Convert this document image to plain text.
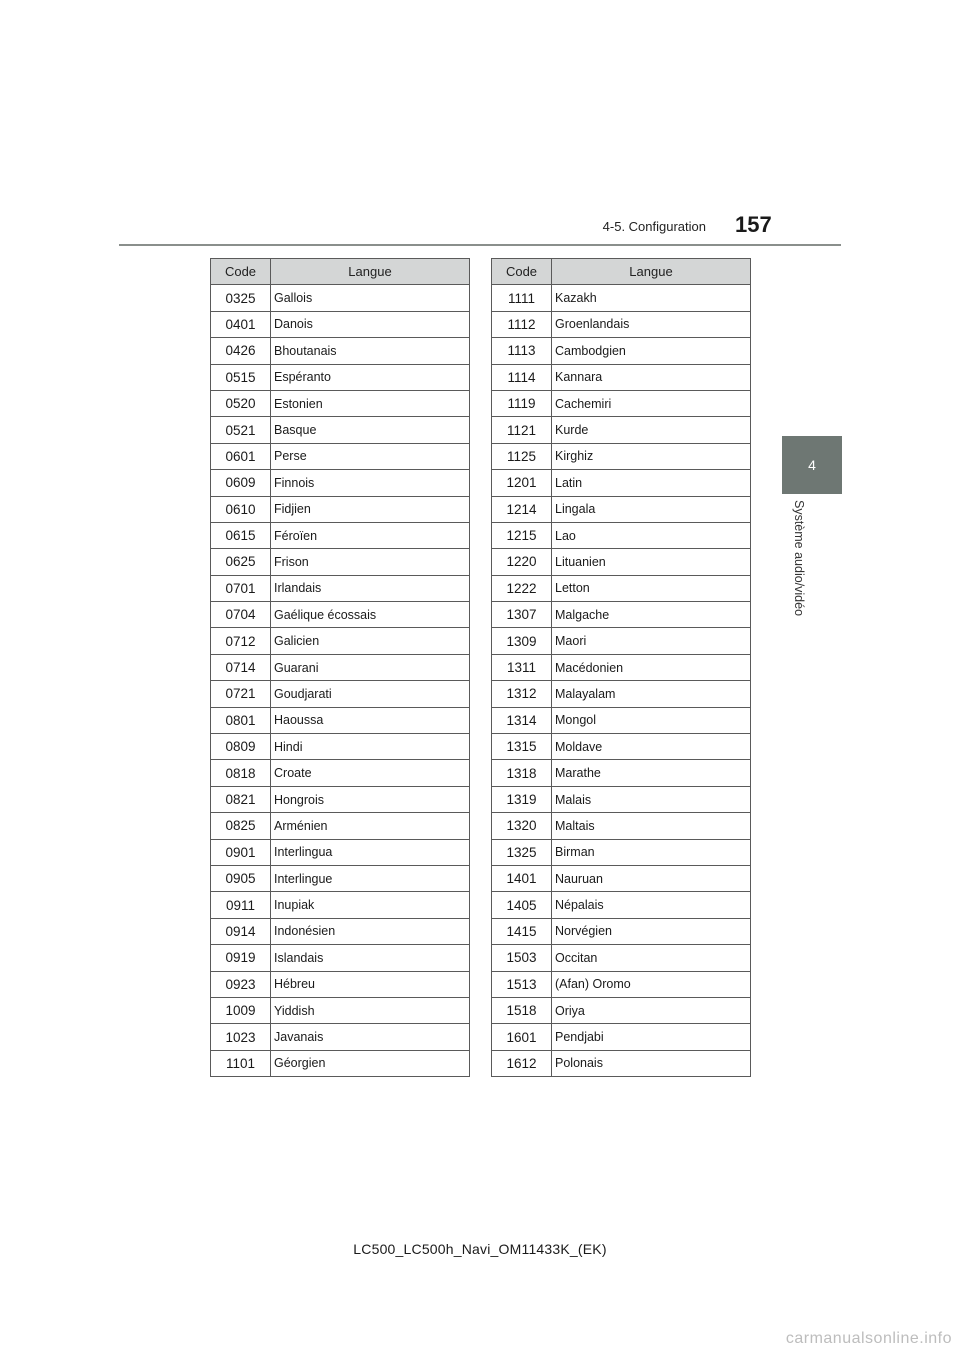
4-5. Configuration 157
4
Système audio/vidéo
Code	Langue
0325	Gallois
0401	Danois
0426	Bhoutanais
0515	Espéranto
0520	Estonien
0521	Basque
0601	Perse
0609	Finnois
0610	Fidjien
0615	Féroïen
0625	Frison
0701	Irlandais
0704	Gaélique écossais
0712	Galicien
0714	Guarani
0721	Goudjarati
0801	Haoussa
0809	Hindi
0818	Croate
0821	Hongrois
0825	Arménien
0901	Interlingua
0905	Interlingue
0911	Inupiak
0914	Indonésien
0919	Islandais
0923	Hébreu
1009	Yiddish
1023	Javanais
1101	Géorgien
Code	Langue
1111	Kazakh
1112	Groenlandais
1113	Cambodgien
1114	Kannara
1119	Cachemiri
1121	Kurde
1125	Kirghiz
1201	Latin
1214	Lingala
1215	Lao
1220	Lituanien
1222	Letton
1307	Malgache
1309	Maori
1311	Macédonien
1312	Malayalam
1314	Mongol
1315	Moldave
1318	Marathe
1319	Malais
1320	Maltais
1325	Birman
1401	Nauruan
1405	Népalais
1415	Norvégien
1503	Occitan
1513	(Afan) Oromo
1518	Oriya
1601	Pendjabi
1612	Polonais
LC500_LC500h_Navi_OM11433K_(EK)
carmanualsonline.info
